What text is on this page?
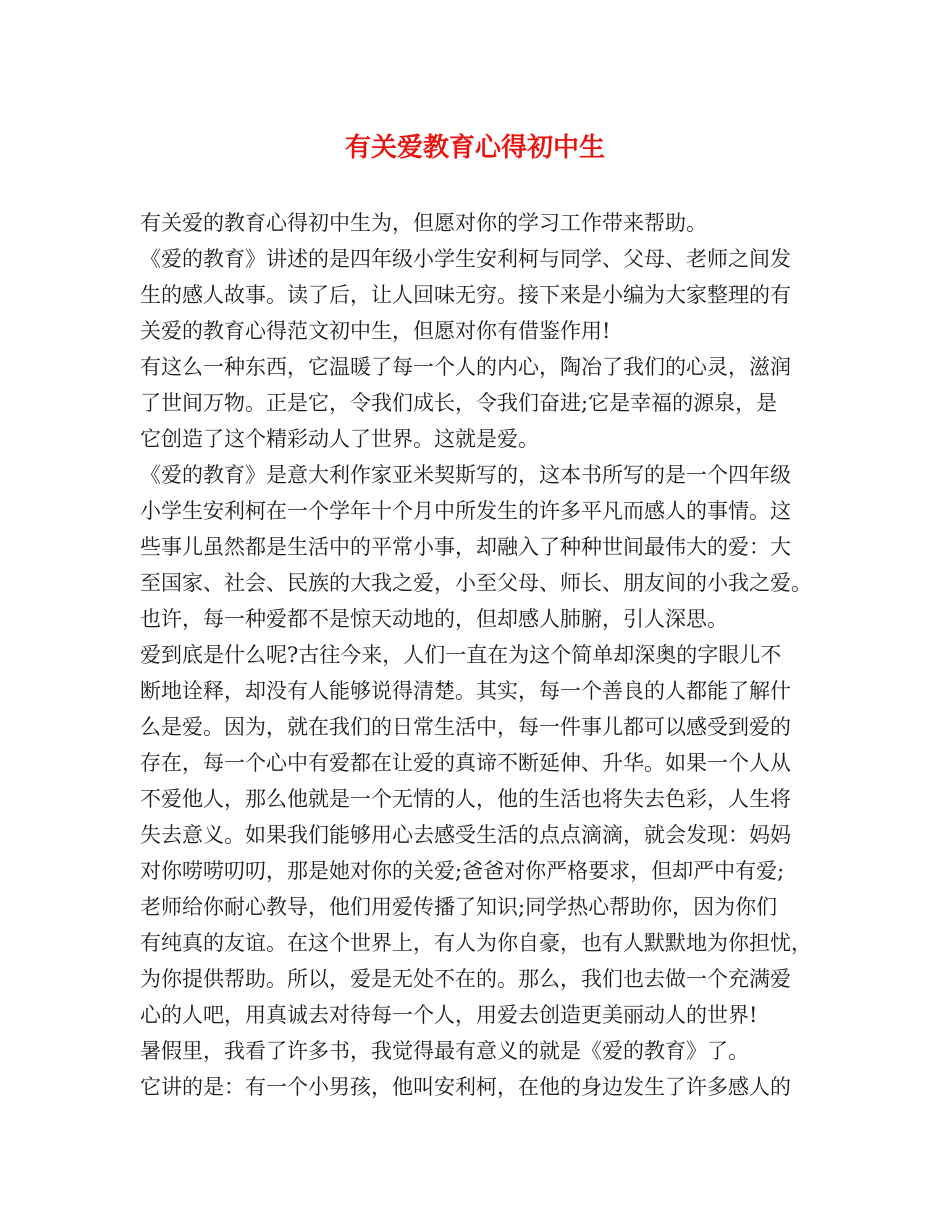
有关爱教育心得初中生
有关爱的教育心得初中生为，但愿对你的学习工作带来帮助。
《爱的教育》讲述的是四年级小学生安利柯与同学、父母、老师之间发
生的感人故事。读了后，让人回味无穷。接下来是小编为大家整理的有
关爱的教育心得范文初中生，但愿对你有借鉴作用!
有这么一种东西，它温暖了每一个人的内心，陶冶了我们的心灵，滋润
了世间万物。正是它，令我们成长，令我们奋进;它是幸福的源泉，是
它创造了这个精彩动人了世界。这就是爱。
《爱的教育》是意大利作家亚米契斯写的，这本书所写的是一个四年级
小学生安利柯在一个学年十个月中所发生的许多平凡而感人的事情。这
些事儿虽然都是生活中的平常小事，却融入了种种世间最伟大的爱：大
至国家、社会、民族的大我之爱，小至父母、师长、朋友间的小我之爱。
也许，每一种爱都不是惊天动地的，但却感人肺腑，引人深思。
爱到底是什么呢?古往今来，人们一直在为这个简单却深奥的字眼儿不
断地诠释，却没有人能够说得清楚。其实，每一个善良的人都能了解什
么是爱。因为，就在我们的日常生活中，每一件事儿都可以感受到爱的
存在，每一个心中有爱都在让爱的真谛不断延伸、升华。如果一个人从
不爱他人，那么他就是一个无情的人，他的生活也将失去色彩，人生将
失去意义。如果我们能够用心去感受生活的点点滴滴，就会发现：妈妈
对你唠唠叨叨，那是她对你的关爱;爸爸对你严格要求，但却严中有爱;
老师给你耐心教导，他们用爱传播了知识;同学热心帮助你，因为你们
有纯真的友谊。在这个世界上，有人为你自豪，也有人默默地为你担忧，
为你提供帮助。所以，爱是无处不在的。那么，我们也去做一个充满爱
心的人吧，用真诚去对待每一个人，用爱去创造更美丽动人的世界!
暑假里，我看了许多书，我觉得最有意义的就是《爱的教育》了。
它讲的是：有一个小男孩，他叫安利柯，在他的身边发生了许多感人的
